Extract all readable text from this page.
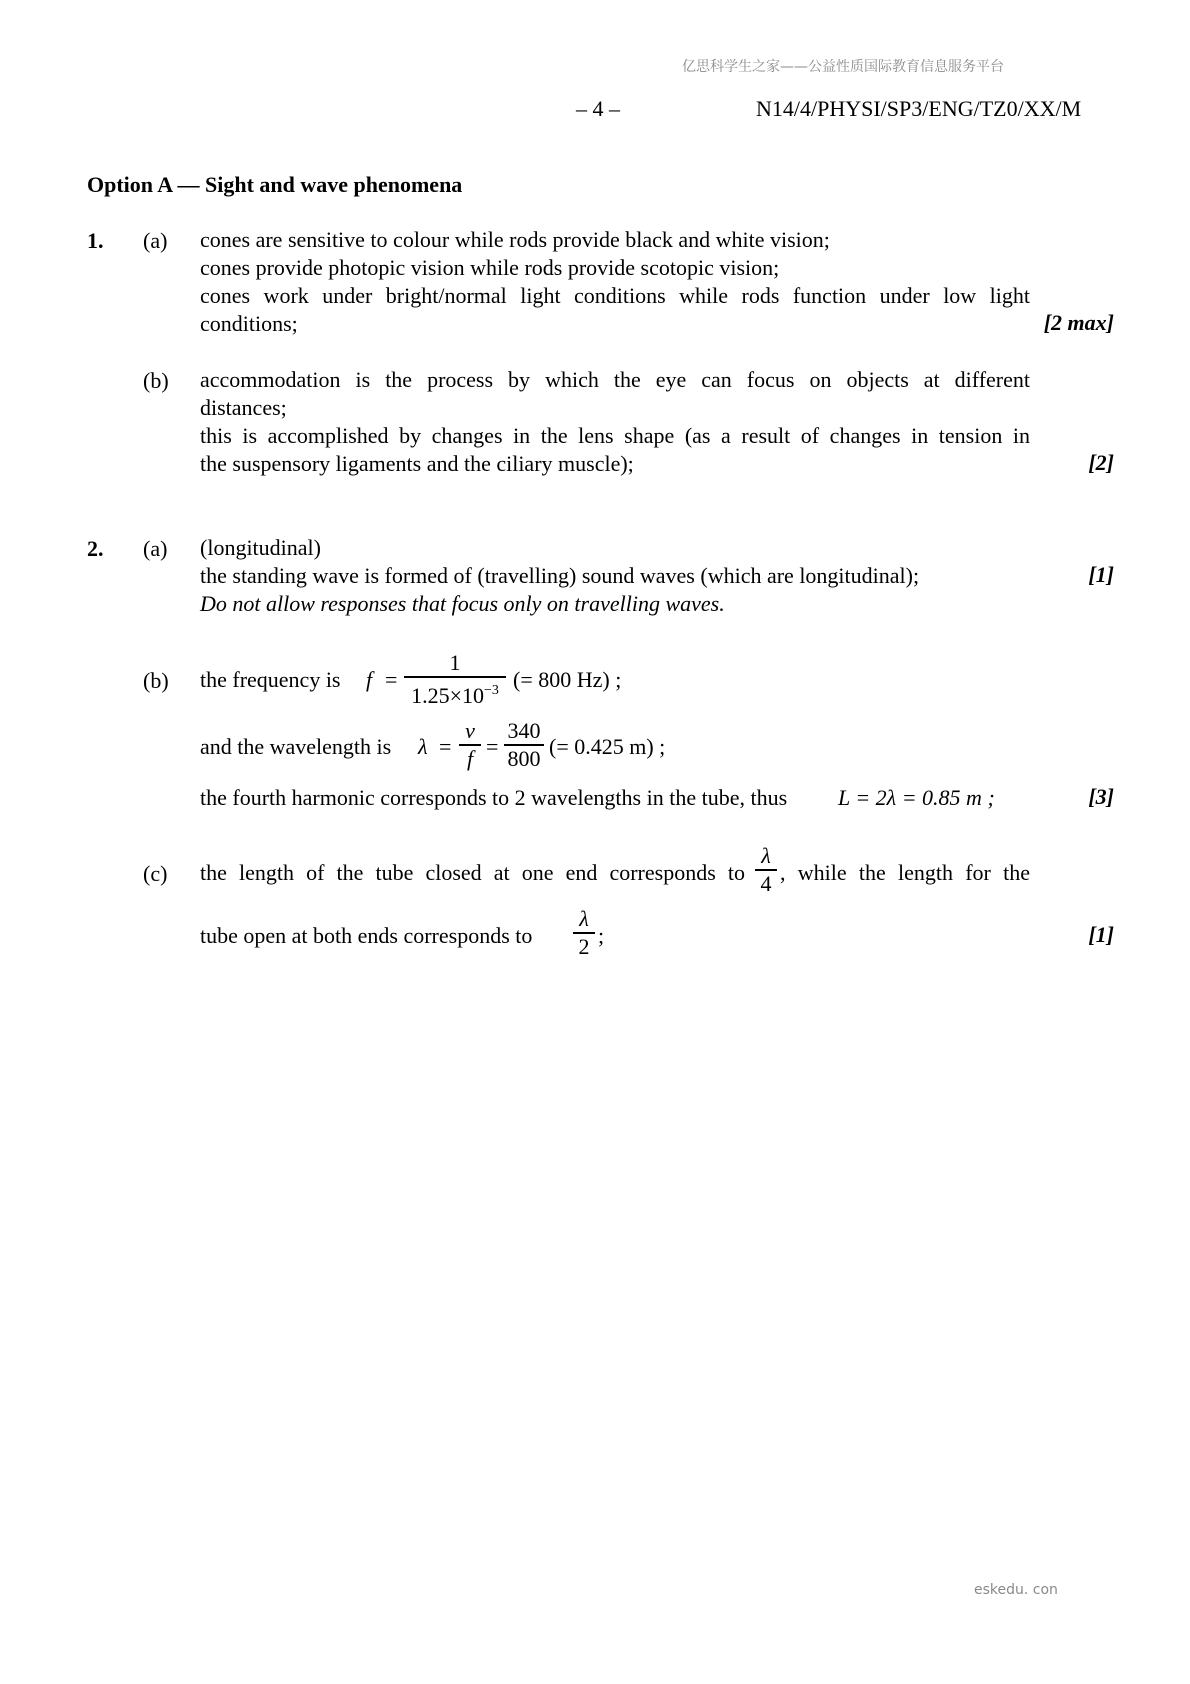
亿思科学生之家——公益性质国际教育信息服务平台
– 4 –	N14/4/PHYSI/SP3/ENG/TZ0/XX/M
Option A — Sight and wave phenomena
1. (a) cones are sensitive to colour while rods provide black and white vision;
cones provide photopic vision while rods provide scotopic vision;
cones work under bright/normal light conditions while rods function under low light
conditions;	[2 max]
(b) accommodation is the process by which the eye can focus on objects at different
distances;
this is accomplished by changes in the lens shape (as a result of changes in tension in
the suspensory ligaments and the ciliary muscle);	[2]
2. (a) (longitudinal)
the standing wave is formed of (travelling) sound waves (which are longitudinal);	[1]
Do not allow responses that focus only on travelling waves.
(b) the frequency is f =
1
$1.25\times 10^{-3}$ (= 800 Hz) ;
and the wavelength is λ =
v
f =
340
800 (= 0.425 m) ;
the fourth harmonic corresponds to 2 wavelengths in the tube, thus L = 2λ = 0.85 m ;	[3]
(c) the length of the tube closed at one end corresponds to
λ
4 , while the length for the
tube open at both ends corresponds to
λ
2 ;	[1]
eskedu. con
